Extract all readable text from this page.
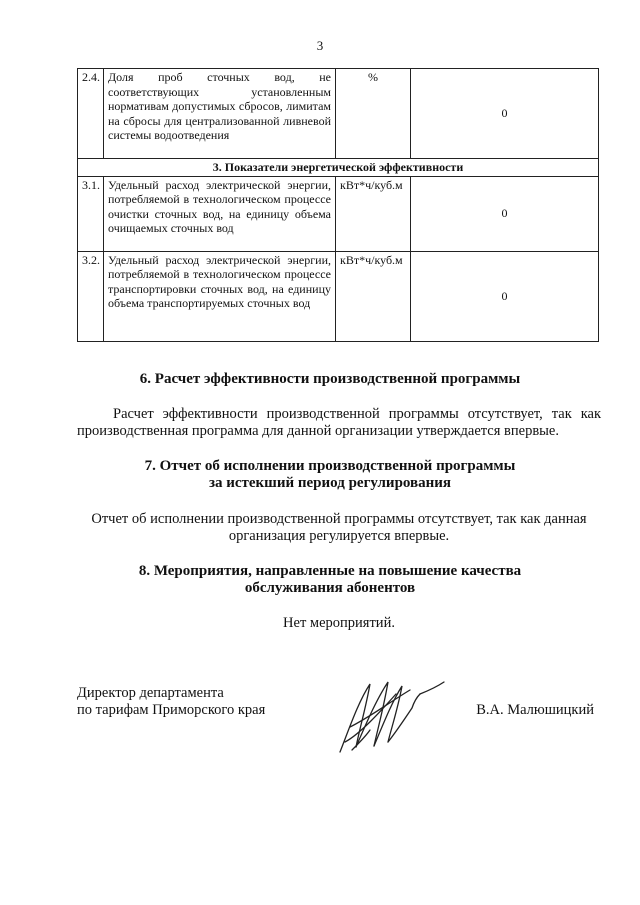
3
2.4.	Доля проб сточных вод, не соответствующих установленным нормативам допустимых сбросов, лимитам на сбросы для централизованной ливневой системы водоотведения	%	0
3. Показатели энергетической эффективности			
3.1.	Удельный расход электрической энергии, потребляемой в технологическом процессе очистки сточных вод, на единицу объема очищаемых сточных вод	кВт*ч/куб.м	0
3.2.	Удельный расход электрической энергии, потребляемой в технологическом процессе транспортировки сточных вод, на единицу объема транспортируемых сточных вод	кВт*ч/куб.м	0
6. Расчет эффективности производственной программы
Расчет эффективности производственной программы отсутствует, так как производственная программа для данной организации утверждается впервые.
7. Отчет об исполнении производственной программы
за истекший период регулирования
Отчет об исполнении производственной программы отсутствует, так как данная организация регулируется впервые.
8. Мероприятия, направленные на повышение качества
обслуживания абонентов
Нет мероприятий.
Директор департамента
по тарифам Приморского края	В.А. Малюшицкий
